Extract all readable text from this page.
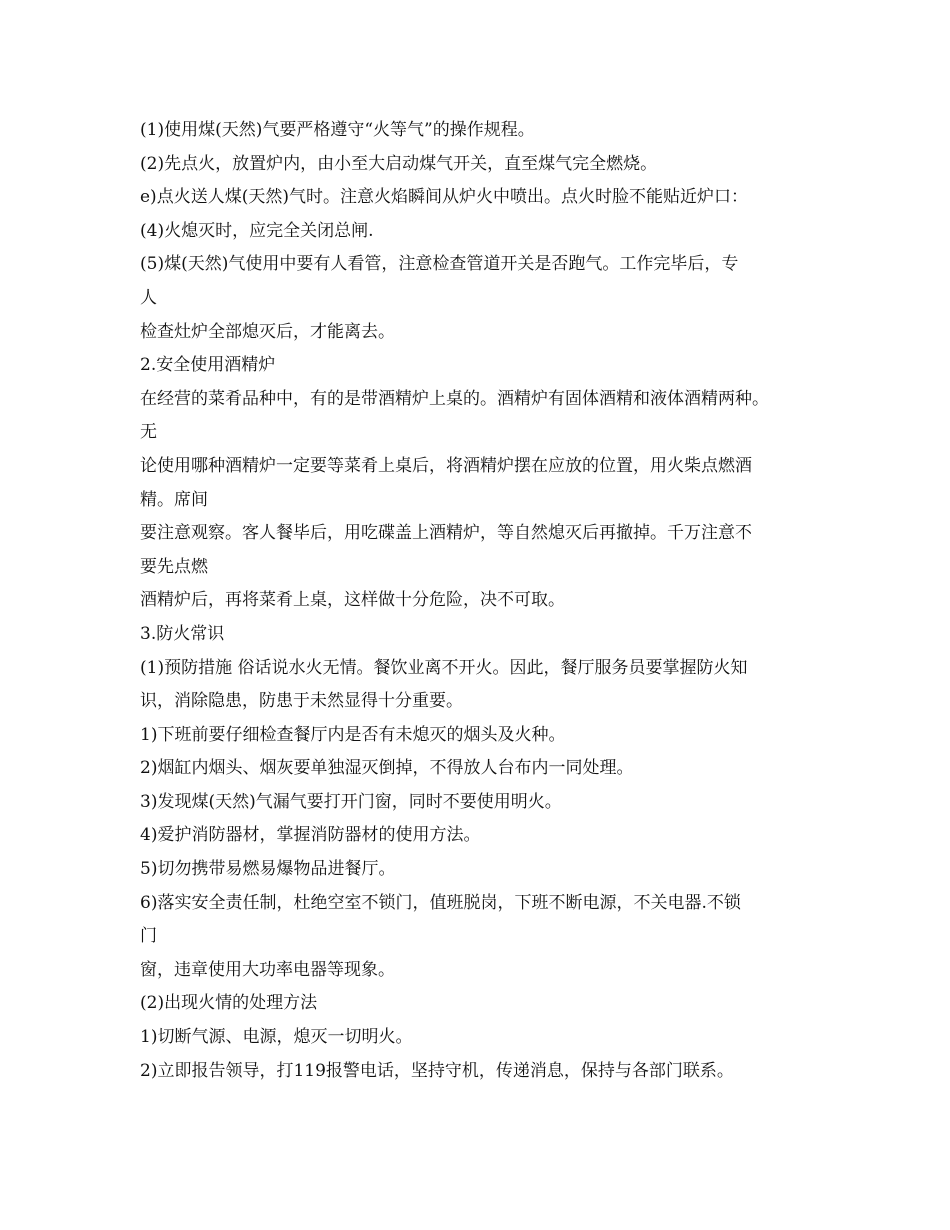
(1)使用煤(天然)气要严格遵守“火等气”的操作规程。
(2)先点火，放置炉内，由小至大启动煤气开关，直至煤气完全燃烧。
e)点火送人煤(天然)气时。注意火焰瞬间从炉火中喷出。点火时脸不能贴近炉口：
(4)火熄灭时，应完全关闭总闸.
(5)煤(天然)气使用中要有人看管，注意检查管道开关是否跑气。工作完毕后，专
人
检查灶炉全部熄灭后，才能离去。
2.安全使用酒精炉
在经营的菜肴品种中，有的是带酒精炉上桌的。酒精炉有固体酒精和液体酒精两种。
无
论使用哪种酒精炉一定要等菜肴上桌后，将酒精炉摆在应放的位置，用火柴点燃酒
精。席间
要注意观察。客人餐毕后，用吃碟盖上酒精炉，等自然熄灭后再撤掉。千万注意不
要先点燃
酒精炉后，再将菜肴上桌，这样做十分危险，决不可取。
3.防火常识
(1)预防措施 俗话说水火无情。餐饮业离不开火。因此，餐厅服务员要掌握防火知
识，消除隐患，防患于未然显得十分重要。
1)下班前要仔细检查餐厅内是否有未熄灭的烟头及火种。
2)烟缸内烟头、烟灰要单独湿灭倒掉，不得放人台布内一同处理。
3)发现煤(天然)气漏气要打开门窗，同时不要使用明火。
4)爱护消防器材，掌握消防器材的使用方法。
5)切勿携带易燃易爆物品进餐厅。
6)落实安全责任制，杜绝空室不锁门，值班脱岗，下班不断电源，不关电器.不锁
门
窗，违章使用大功率电器等现象。
(2)出现火情的处理方法
1)切断气源、电源，熄灭一切明火。
2)立即报告领导，打119报警电话，坚持守机，传递消息，保持与各部门联系。
